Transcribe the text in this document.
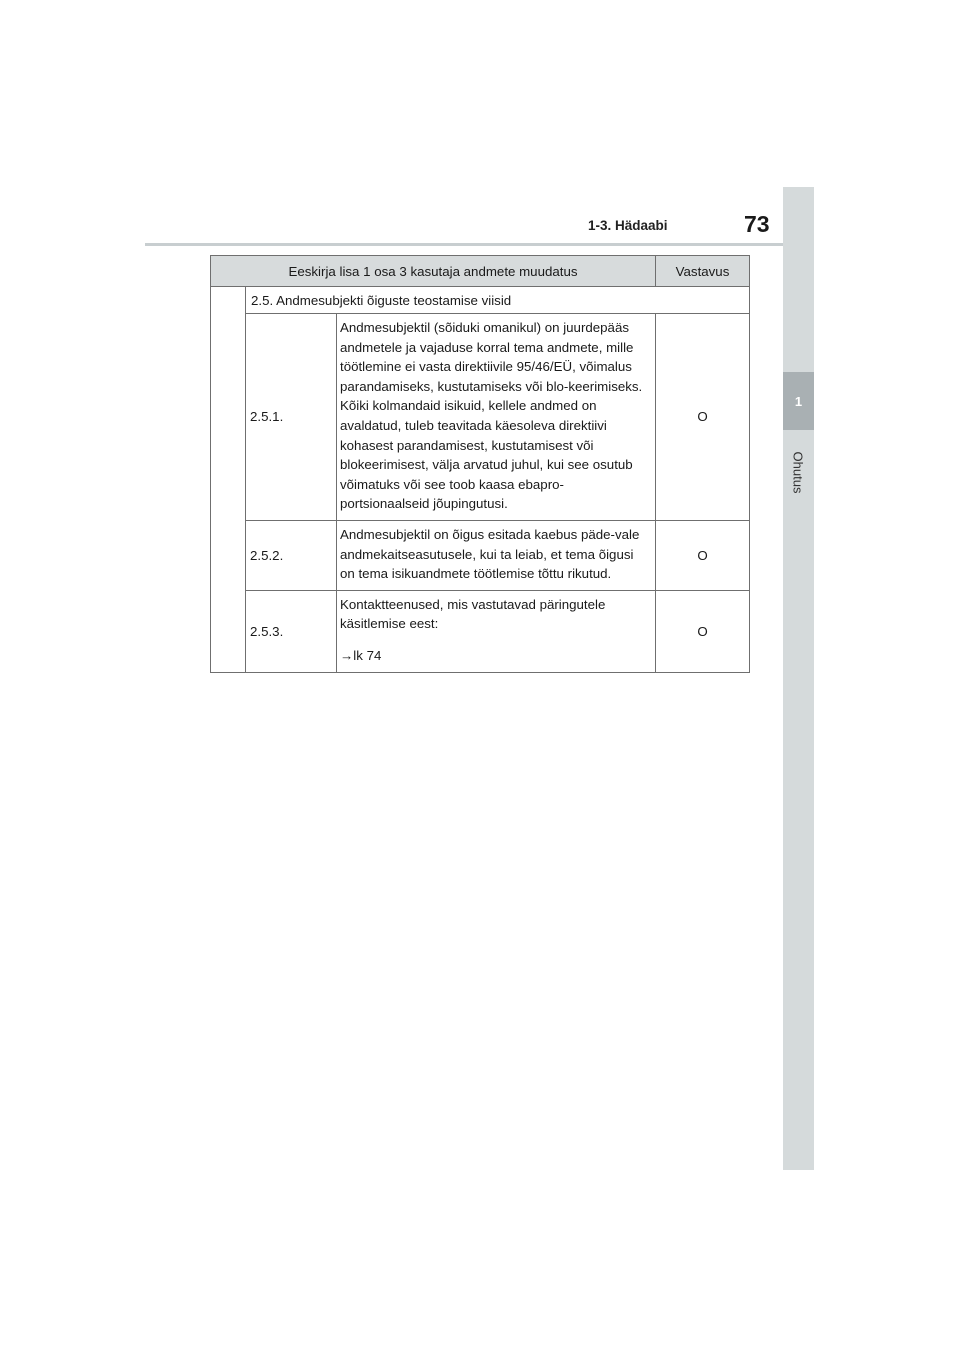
1-3. Hädaabi	73
1
Ohutus
Eeskirja lisa 1 osa 3 kasutaja andmete muudatus			Vastavus
	2.5. Andmesubjekti õiguste teostamise viisid		
	2.5.1.	Andmesubjektil (sõiduki omanikul) on juurdepääs andmetele ja vajaduse korral tema andmete, mille töötlemine ei vasta direktiivile 95/46/EÜ, võimalus parandamiseks, kustutamiseks või blo-keerimiseks. Kõiki kolmandaid isikuid, kellele andmed on avaldatud, tuleb teavitada käesoleva direktiivi kohasest parandamisest, kustutamisest või blokeerimisest, välja arvatud juhul, kui see osutub võimatuks või see toob kaasa ebapro-portsionaalseid jõupingutusi.	O
	2.5.2.	Andmesubjektil on õigus esitada kaebus päde-vale andmekaitseasutusele, kui ta leiab, et tema õigusi on tema isikuandmete töötlemise tõttu rikutud.	O
	2.5.3.	Kontaktteenused, mis vastutavad päringutele käsitlemise eest:
→lk 74	O
